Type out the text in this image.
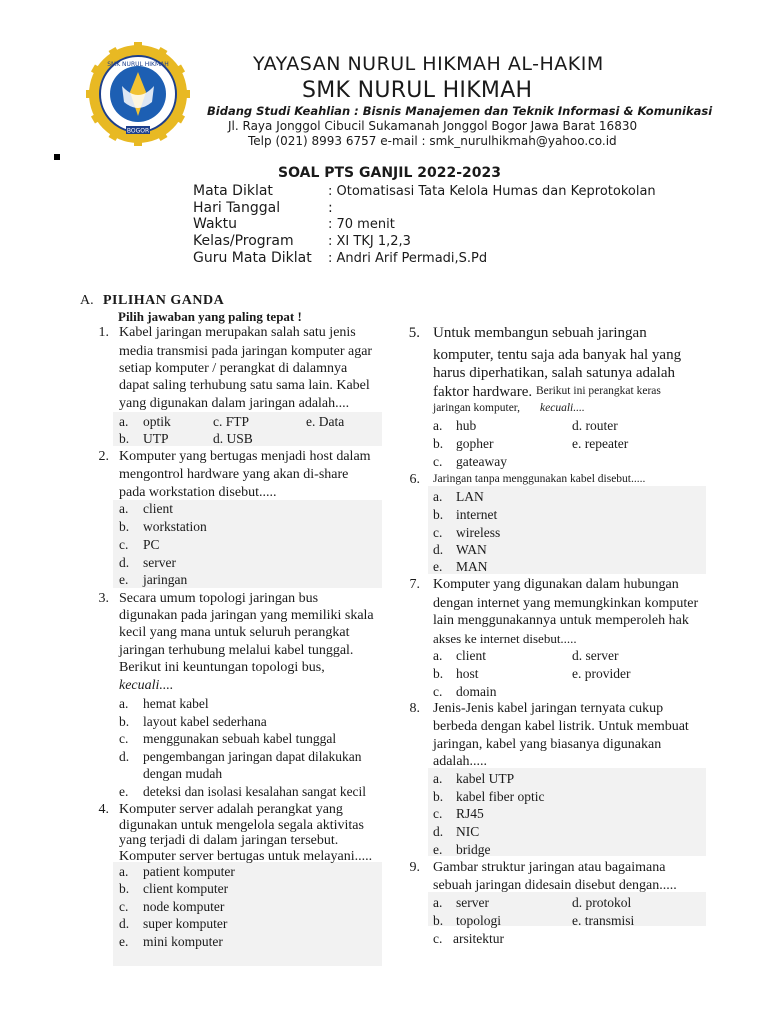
SMK NURUL HIKMAH
BOGOR
YAYASAN NURUL HIKMAH AL-HAKIM
SMK NURUL HIKMAH
Bidang Studi Keahlian : Bisnis Manajemen dan Teknik Informasi & Komunikasi
Jl. Raya Jonggol Cibucil Sukamanah Jonggol Bogor Jawa Barat 16830
Telp (021) 8993 6757 e-mail : smk_nurulhikmah@yahoo.co.id
SOAL PTS GANJIL 2022-2023
Mata Diklat	: Otomatisasi Tata Kelola Humas dan Keprotokolan
Hari Tanggal	:
Waktu	: 70 menit
Kelas/Program	: XI TKJ 1,2,3
Guru Mata Diklat : Andri Arif Permadi,S.Pd
A. PILIHAN GANDA
Pilih jawaban yang paling tepat !
1. Kabel jaringan merupakan salah satu jenis
media transmisi pada jaringan komputer agar
setiap komputer / perangkat di dalamnya
dapat saling terhubung satu sama lain. Kabel
yang digunakan dalam jaringan adalah....
a. optik	c. FTP	e. Data
b. UTP	d. USB
2. Komputer yang bertugas menjadi host dalam
mengontrol hardware yang akan di-share
pada workstation disebut.....
a. client
b. workstation
c. PC
d. server
e. jaringan
3. Secara umum topologi jaringan bus
digunakan pada jaringan yang memiliki skala
kecil yang mana untuk seluruh perangkat
jaringan terhubung melalui kabel tunggal.
Berikut ini keuntungan topologi bus,
kecuali....
a. hemat kabel
b. layout kabel sederhana
c. menggunakan sebuah kabel tunggal
d. pengembangan jaringan dapat dilakukan
dengan mudah
e. deteksi dan isolasi kesalahan sangat kecil
4. Komputer server adalah perangkat yang
digunakan untuk mengelola segala aktivitas
yang terjadi di dalam jaringan tersebut.
Komputer server bertugas untuk melayani.....
a. patient komputer
b. client komputer
c. node komputer
d. super komputer
e. mini komputer
5. Untuk membangun sebuah jaringan
komputer, tentu saja ada banyak hal yang
harus diperhatikan, salah satunya adalah
faktor hardware. Berikut ini perangkat keras
jaringan komputer, kecuali....
a. hub	d. router
b. gopher	e. repeater
c. gateaway
6. Jaringan tanpa menggunakan kabel disebut.....
a. LAN
b. internet
c. wireless
d. WAN
e. MAN
7. Komputer yang digunakan dalam hubungan
dengan internet yang memungkinkan komputer
lain menggunakannya untuk memperoleh hak
akses ke internet disebut.....
a. client	d. server
b. host	e. provider
c. domain
8. Jenis-Jenis kabel jaringan ternyata cukup
berbeda dengan kabel listrik. Untuk membuat
jaringan, kabel yang biasanya digunakan
adalah.....
a. kabel UTP
b. kabel fiber optic
c. RJ45
d. NIC
e. bridge
9. Gambar struktur jaringan atau bagaimana
sebuah jaringan didesain disebut dengan.....
a. server	d. protokol
b. topologi	e. transmisi
c. arsitektur
